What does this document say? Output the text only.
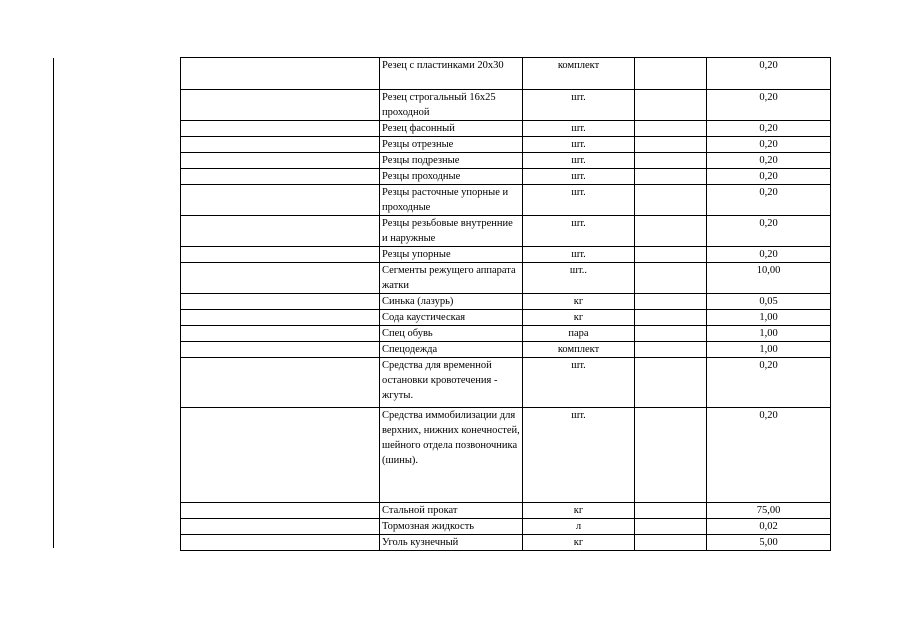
	Резец с пластинками 20х30	комплект		0,20
	Резец строгальный 16х25 проходной	шт.		0,20
	Резец фасонный	шт.		0,20
	Резцы отрезные	шт.		0,20
	Резцы подрезные	шт.		0,20
	Резцы проходные	шт.		0,20
	Резцы расточные упорные и проходные	шт.		0,20
	Резцы резьбовые внутренние и наружные	шт.		0,20
	Резцы упорные	шт.		0,20
	Сегменты режущего аппарата жатки	шт..		10,00
	Синька (лазурь)	кг		0,05
	Сода каустическая	кг		1,00
	Спец обувь	пара		1,00
	Спецодежда	комплект		1,00
	Средства для временной остановки кровотечения - жгуты.	шт.		0,20
	Средства иммобилизации для верхних, нижних конечностей, шейного отдела позвоночника (шины).	шт.		0,20
	Стальной прокат	кг		75,00
	Тормозная жидкость	л		0,02
	Уголь кузнечный	кг		5,00
